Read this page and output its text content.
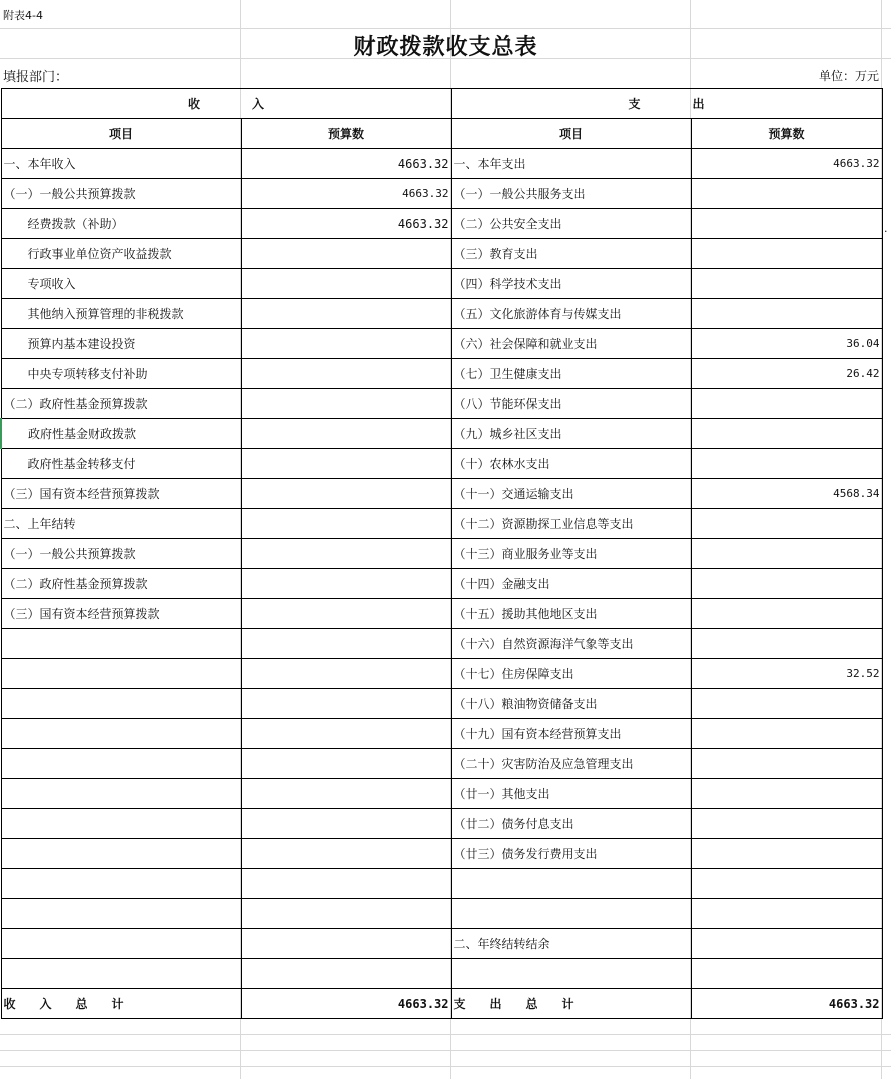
附表4-4
财政拨款收支总表
填报部门：	单位：万元
.
收 入		支 出	
项目	预算数	项目	预算数
一、本年收入	4663.32	一、本年支出	4663.32
（一）一般公共预算拨款	4663.32	（一）一般公共服务支出	
经费拨款（补助）	4663.32	（二）公共安全支出	
行政事业单位资产收益拨款		（三）教育支出	
专项收入		（四）科学技术支出	
其他纳入预算管理的非税拨款		（五）文化旅游体育与传媒支出	
预算内基本建设投资		（六）社会保障和就业支出	36.04
中央专项转移支付补助		（七）卫生健康支出	26.42
（二）政府性基金预算拨款		（八）节能环保支出	
政府性基金财政拨款		（九）城乡社区支出	
政府性基金转移支付		（十）农林水支出	
（三）国有资本经营预算拨款		（十一）交通运输支出	4568.34
二、上年结转		（十二）资源勘探工业信息等支出	
（一）一般公共预算拨款		（十三）商业服务业等支出	
（二）政府性基金预算拨款		（十四）金融支出	
（三）国有资本经营预算拨款		（十五）援助其他地区支出	
		（十六）自然资源海洋气象等支出	
		（十七）住房保障支出	32.52
		（十八）粮油物资储备支出	
		（十九）国有资本经营预算支出	
		（二十）灾害防治及应急管理支出	
		（廿一）其他支出	
		（廿二）债务付息支出	
		（廿三）债务发行费用支出	

		二、年终结转结余	

收 入 总 计	4663.32	支 出 总 计	4663.32
